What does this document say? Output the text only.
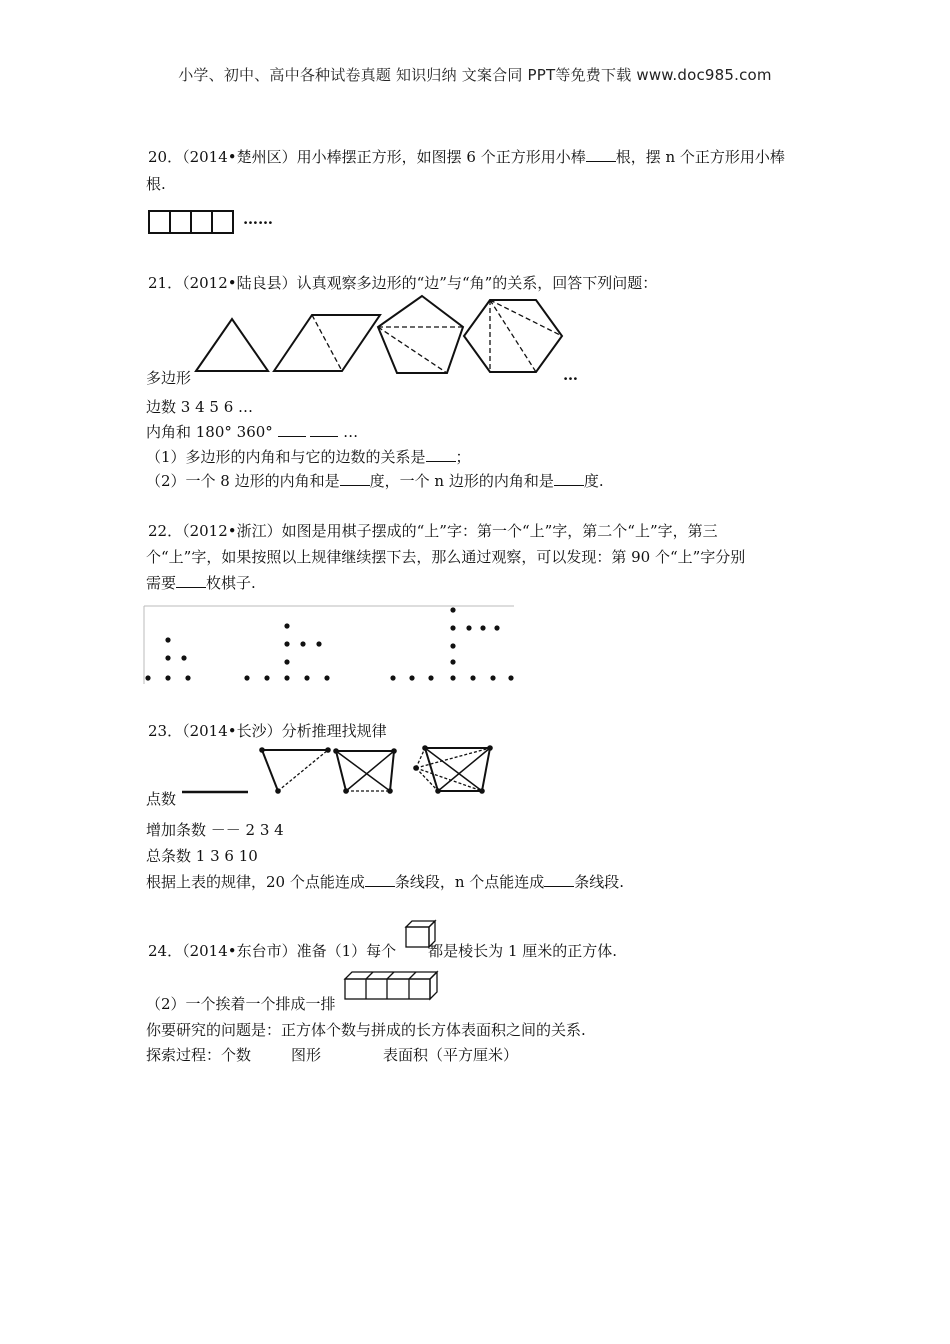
小学、初中、高中各种试卷真题 知识归纳 文案合同 PPT等免费下载 www.doc985.com
20．（2014•楚州区）用小棒摆正方形，如图摆 6 个正方形用小棒 根，摆 n 个正方形用小棒
根.
……
21．（2012•陆良县）认真观察多边形的“边”与“角”的关系，回答下列问题：
多边形	…
边数 3 4 5 6 …
内角和 180° 360°	…
（1）多边形的内角和与它的边数的关系是 ；
（2）一个 8 边形的内角和是 度，一个 n 边形的内角和是 度.
22．（2012•浙江）如图是用棋子摆成的“上”字：第一个“上”字，第二个“上”字，第三
个“上”字，如果按照以上规律继续摆下去，那么通过观察，可以发现：第 90 个“上”字分别
需要 枚棋子.
23．（2014•长沙）分析推理找规律
点数
增加条数 －－ 2 3 4
总条数 1 3 6 10
根据上表的规律，20 个点能连成 条线段，n 个点能连成 条线段.
24．（2014•东台市）准备（1）每个 都是棱长为 1 厘米的正方体.
（2）一个挨着一个排成一排
你要研究的问题是：正方体个数与拼成的长方体表面积之间的关系.
探索过程：个数	图形	表面积（平方厘米）
